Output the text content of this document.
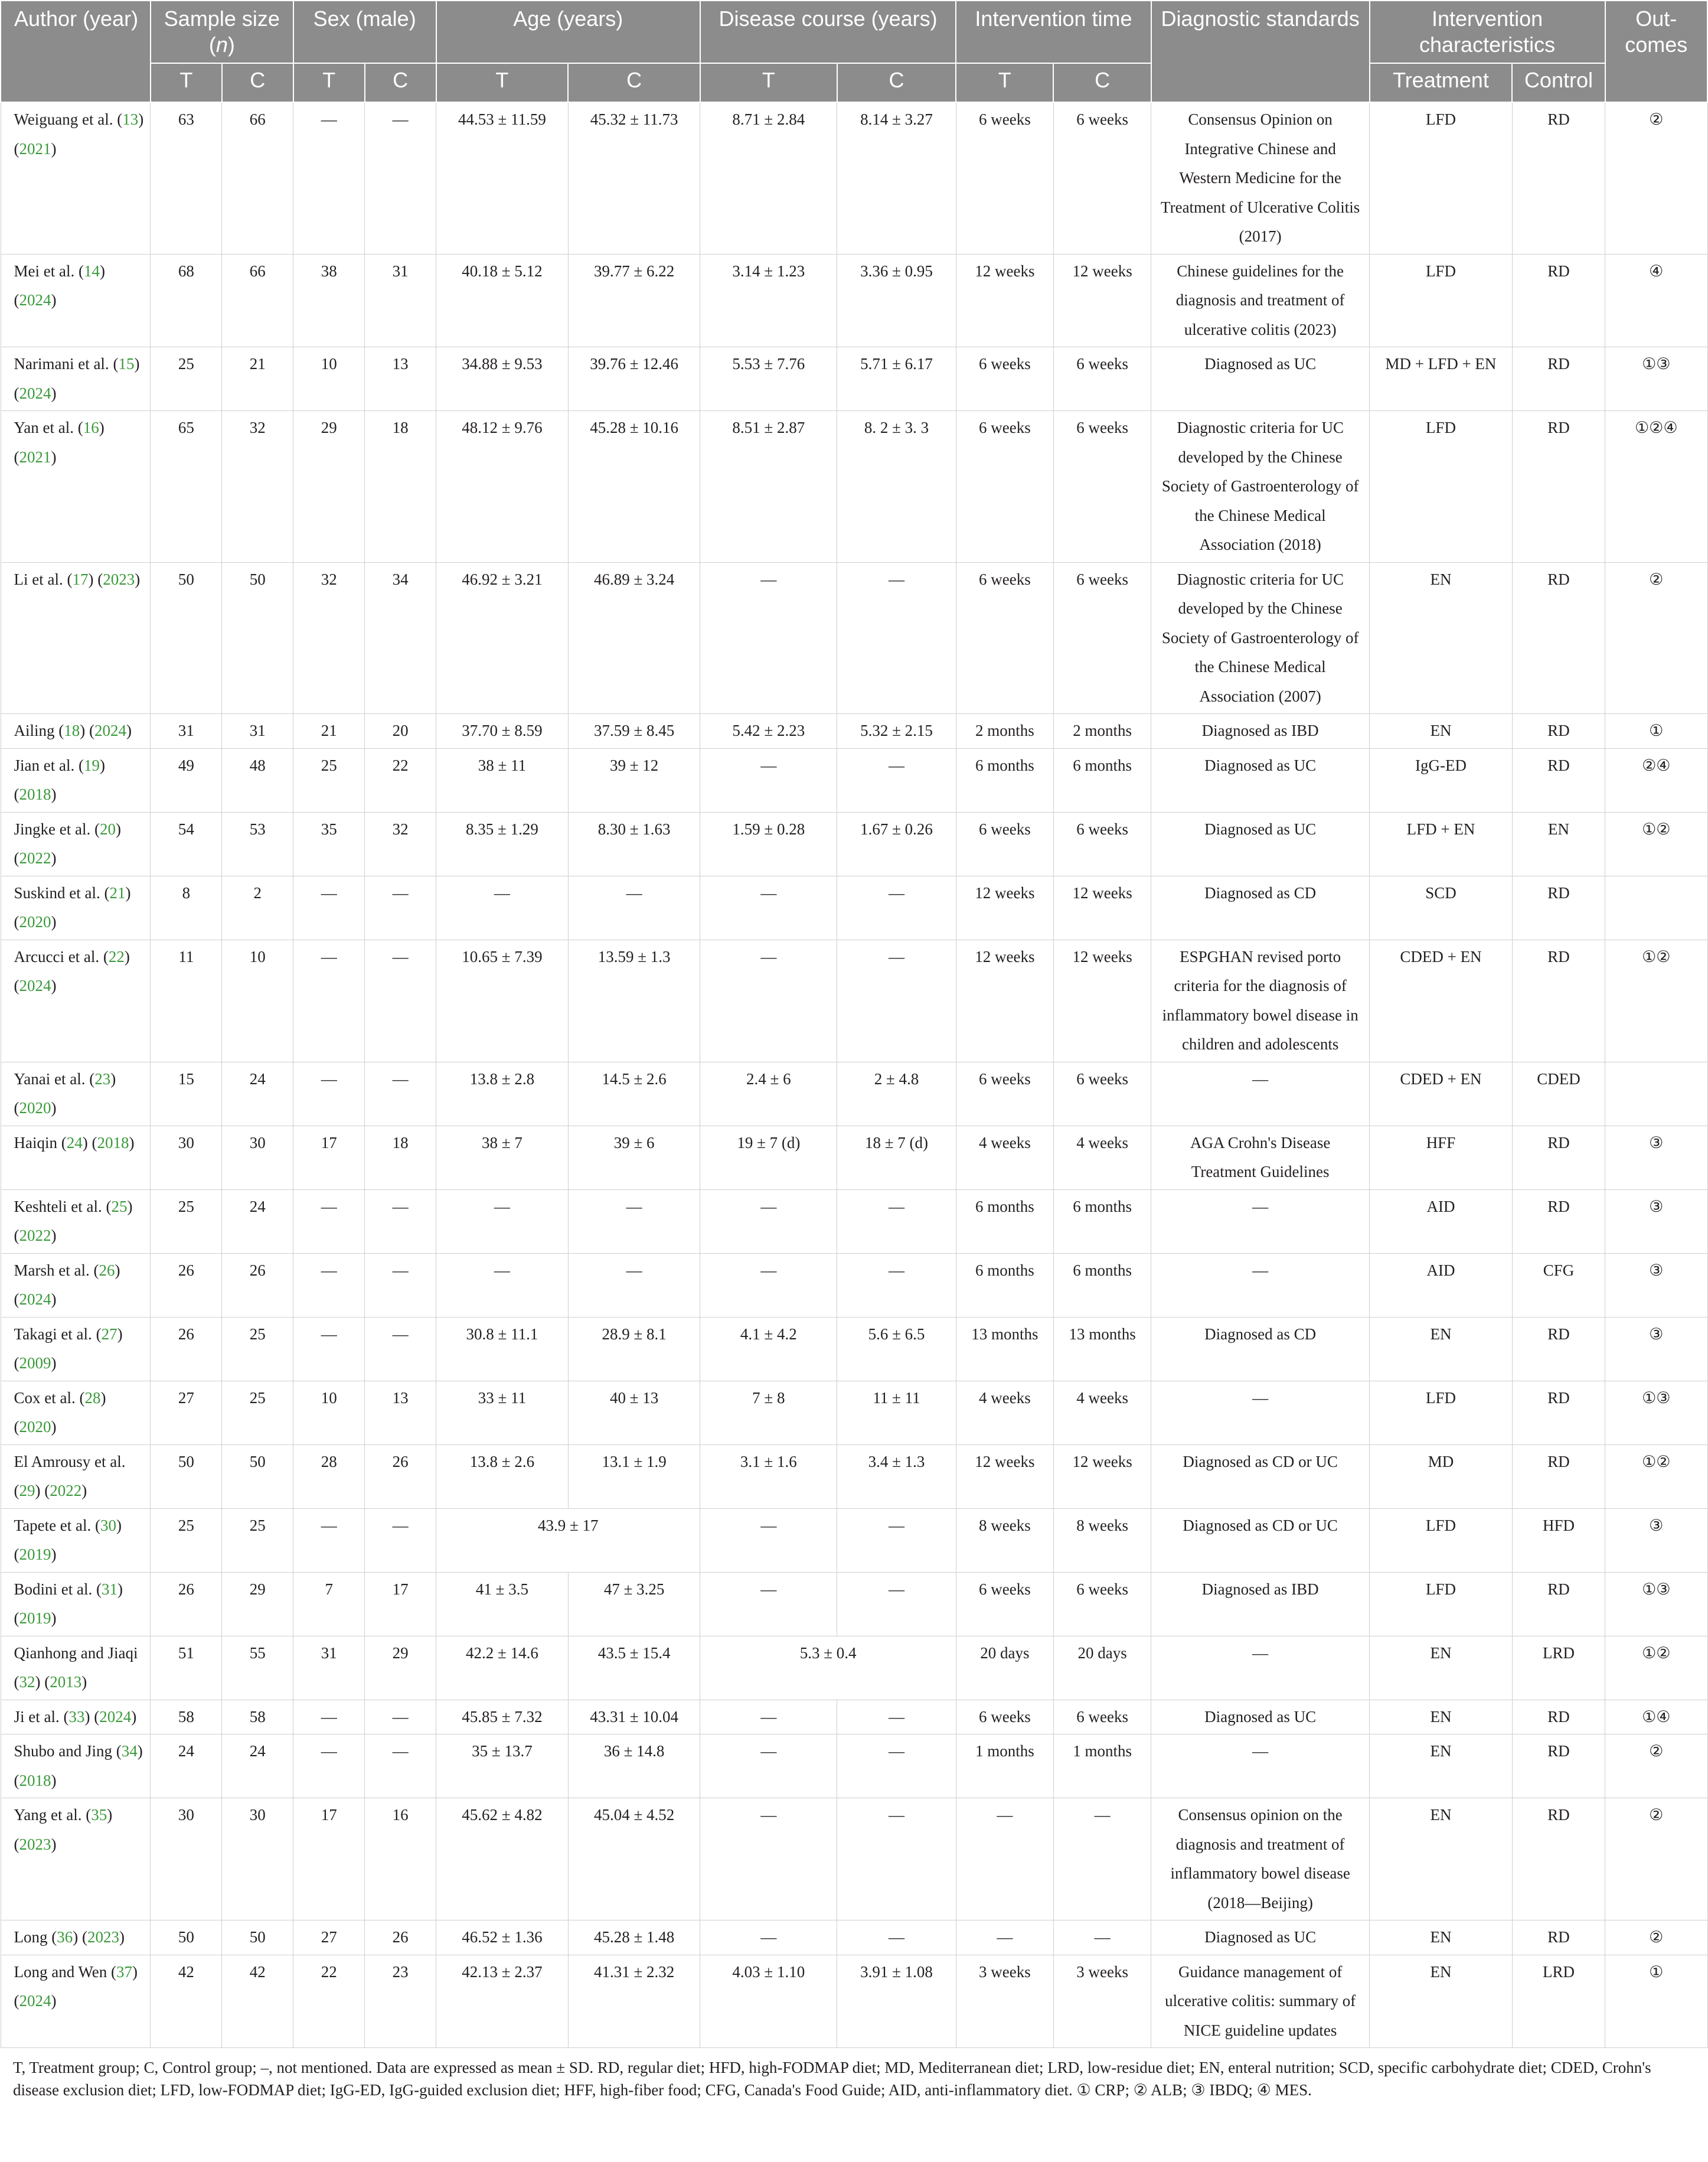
Author (year)	Sample size (n)		Sex (male)		Age (years)		Disease course (years)		Intervention time		Diagnostic standards	Intervention characteristics		Out-comes
	T	C	T	C	T	C	T	C	T	C		Treatment	Control	
Weiguang et al. (13) (2021)	63	66	—	—	44.53 ± 11.59	45.32 ± 11.73	8.71 ± 2.84	8.14 ± 3.27	6 weeks	6 weeks	Consensus Opinion on Integrative Chinese and Western Medicine for the Treatment of Ulcerative Colitis (2017)	LFD	RD	②
Mei et al. (14) (2024)	68	66	38	31	40.18 ± 5.12	39.77 ± 6.22	3.14 ± 1.23	3.36 ± 0.95	12 weeks	12 weeks	Chinese guidelines for the diagnosis and treatment of ulcerative colitis (2023)	LFD	RD	④
Narimani et al. (15) (2024)	25	21	10	13	34.88 ± 9.53	39.76 ± 12.46	5.53 ± 7.76	5.71 ± 6.17	6 weeks	6 weeks	Diagnosed as UC	MD + LFD + EN	RD	①③
Yan et al. (16) (2021)	65	32	29	18	48.12 ± 9.76	45.28 ± 10.16	8.51 ± 2.87	8. 2 ± 3. 3	6 weeks	6 weeks	Diagnostic criteria for UC developed by the Chinese Society of Gastroenterology of the Chinese Medical Association (2018)	LFD	RD	①②④
Li et al. (17) (2023)	50	50	32	34	46.92 ± 3.21	46.89 ± 3.24	—	—	6 weeks	6 weeks	Diagnostic criteria for UC developed by the Chinese Society of Gastroenterology of the Chinese Medical Association (2007)	EN	RD	②
Ailing (18) (2024)	31	31	21	20	37.70 ± 8.59	37.59 ± 8.45	5.42 ± 2.23	5.32 ± 2.15	2 months	2 months	Diagnosed as IBD	EN	RD	①
Jian et al. (19) (2018)	49	48	25	22	38 ± 11	39 ± 12	—	—	6 months	6 months	Diagnosed as UC	IgG-ED	RD	②④
Jingke et al. (20) (2022)	54	53	35	32	8.35 ± 1.29	8.30 ± 1.63	1.59 ± 0.28	1.67 ± 0.26	6 weeks	6 weeks	Diagnosed as UC	LFD + EN	EN	①②
Suskind et al. (21) (2020)	8	2	—	—	—	—	—	—	12 weeks	12 weeks	Diagnosed as CD	SCD	RD	
Arcucci et al. (22) (2024)	11	10	—	—	10.65 ± 7.39	13.59 ± 1.3	—	—	12 weeks	12 weeks	ESPGHAN revised porto criteria for the diagnosis of inflammatory bowel disease in children and adolescents	CDED + EN	RD	①②
Yanai et al. (23) (2020)	15	24	—	—	13.8 ± 2.8	14.5 ± 2.6	2.4 ± 6	2 ± 4.8	6 weeks	6 weeks	—	CDED + EN	CDED	
Haiqin (24) (2018)	30	30	17	18	38 ± 7	39 ± 6	19 ± 7 (d)	18 ± 7 (d)	4 weeks	4 weeks	AGA Crohn's Disease Treatment Guidelines	HFF	RD	③
Keshteli et al. (25) (2022)	25	24	—	—	—	—	—	—	6 months	6 months	—	AID	RD	③
Marsh et al. (26) (2024)	26	26	—	—	—	—	—	—	6 months	6 months	—	AID	CFG	③
Takagi et al. (27) (2009)	26	25	—	—	30.8 ± 11.1	28.9 ± 8.1	4.1 ± 4.2	5.6 ± 6.5	13 months	13 months	Diagnosed as CD	EN	RD	③
Cox et al. (28) (2020)	27	25	10	13	33 ± 11	40 ± 13	7 ± 8	11 ± 11	4 weeks	4 weeks	—	LFD	RD	①③
El Amrousy et al. (29) (2022)	50	50	28	26	13.8 ± 2.6	13.1 ± 1.9	3.1 ± 1.6	3.4 ± 1.3	12 weeks	12 weeks	Diagnosed as CD or UC	MD	RD	①②
Tapete et al. (30) (2019)	25	25	—	—	43.9 ± 17		—	—	8 weeks	8 weeks	Diagnosed as CD or UC	LFD	HFD	③
Bodini et al. (31) (2019)	26	29	7	17	41 ± 3.5	47 ± 3.25	—	—	6 weeks	6 weeks	Diagnosed as IBD	LFD	RD	①③
Qianhong and Jiaqi (32) (2013)	51	55	31	29	42.2 ± 14.6	43.5 ± 15.4	5.3 ± 0.4		20 days	20 days	—	EN	LRD	①②
Ji et al. (33) (2024)	58	58	—	—	45.85 ± 7.32	43.31 ± 10.04	—	—	6 weeks	6 weeks	Diagnosed as UC	EN	RD	①④
Shubo and Jing (34) (2018)	24	24	—	—	35 ± 13.7	36 ± 14.8	—	—	1 months	1 months	—	EN	RD	②
Yang et al. (35) (2023)	30	30	17	16	45.62 ± 4.82	45.04 ± 4.52	—	—	—	—	Consensus opinion on the diagnosis and treatment of inflammatory bowel disease (2018—Beijing)	EN	RD	②
Long (36) (2023)	50	50	27	26	46.52 ± 1.36	45.28 ± 1.48	—	—	—	—	Diagnosed as UC	EN	RD	②
Long and Wen (37) (2024)	42	42	22	23	42.13 ± 2.37	41.31 ± 2.32	4.03 ± 1.10	3.91 ± 1.08	3 weeks	3 weeks	Guidance management of ulcerative colitis: summary of NICE guideline updates	EN	LRD	①
T, Treatment group; C, Control group; –, not mentioned. Data are expressed as mean ± SD. RD, regular diet; HFD, high-FODMAP diet; MD, Mediterranean diet; LRD, low-residue diet; EN, enteral nutrition; SCD, specific carbohydrate diet; CDED, Crohn's disease exclusion diet; LFD, low-FODMAP diet; IgG-ED, IgG-guided exclusion diet; HFF, high-fiber food; CFG, Canada's Food Guide; AID, anti-inflammatory diet. ① CRP; ② ALB; ③ IBDQ; ④ MES.
